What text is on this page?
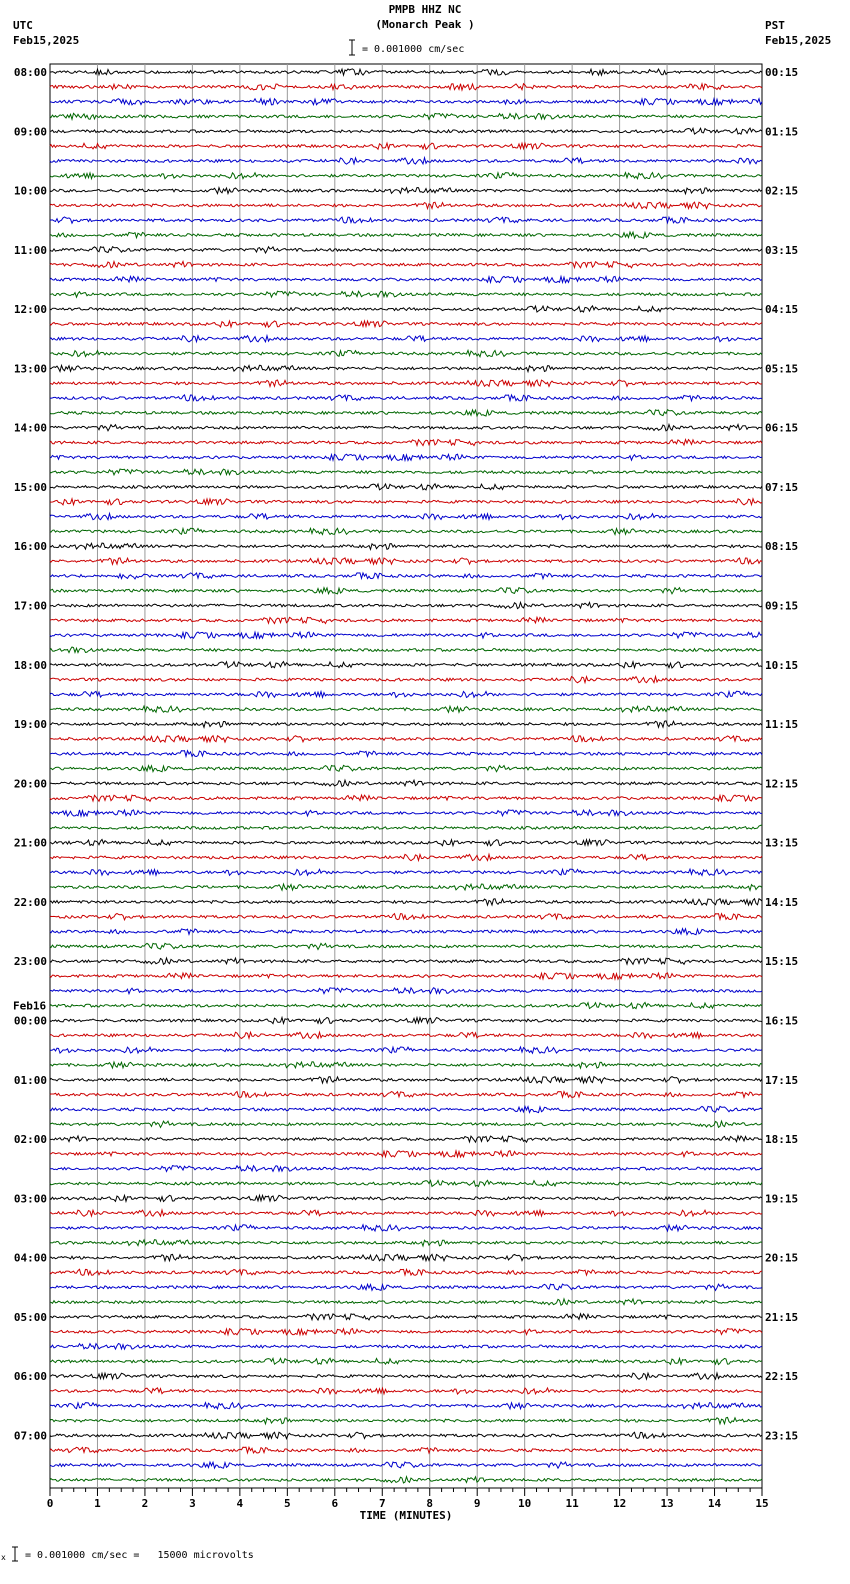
PMPB HHZ NC
(Monarch Peak )
= 0.001000 cm/sec
UTC
Feb15,2025
PST
Feb15,2025
08:00	00:15
09:00	01:15
10:00	02:15
11:00	03:15
12:00	04:15
13:00	05:15
14:00	06:15
15:00	07:15
16:00	08:15
17:00	09:15
18:00	10:15
19:00	11:15
20:00	12:15
21:00	13:15
22:00	14:15
23:00	15:15
00:00	16:15
01:00	17:15
02:00	18:15
03:00	19:15
04:00	20:15
05:00	21:15
06:00	22:15
07:00	23:15
Feb16
0	1	2	3	4	5	6	7	8	9	10	11	12	13	14	15
TIME (MINUTES)
x = 0.001000 cm/sec =   15000 microvolts
